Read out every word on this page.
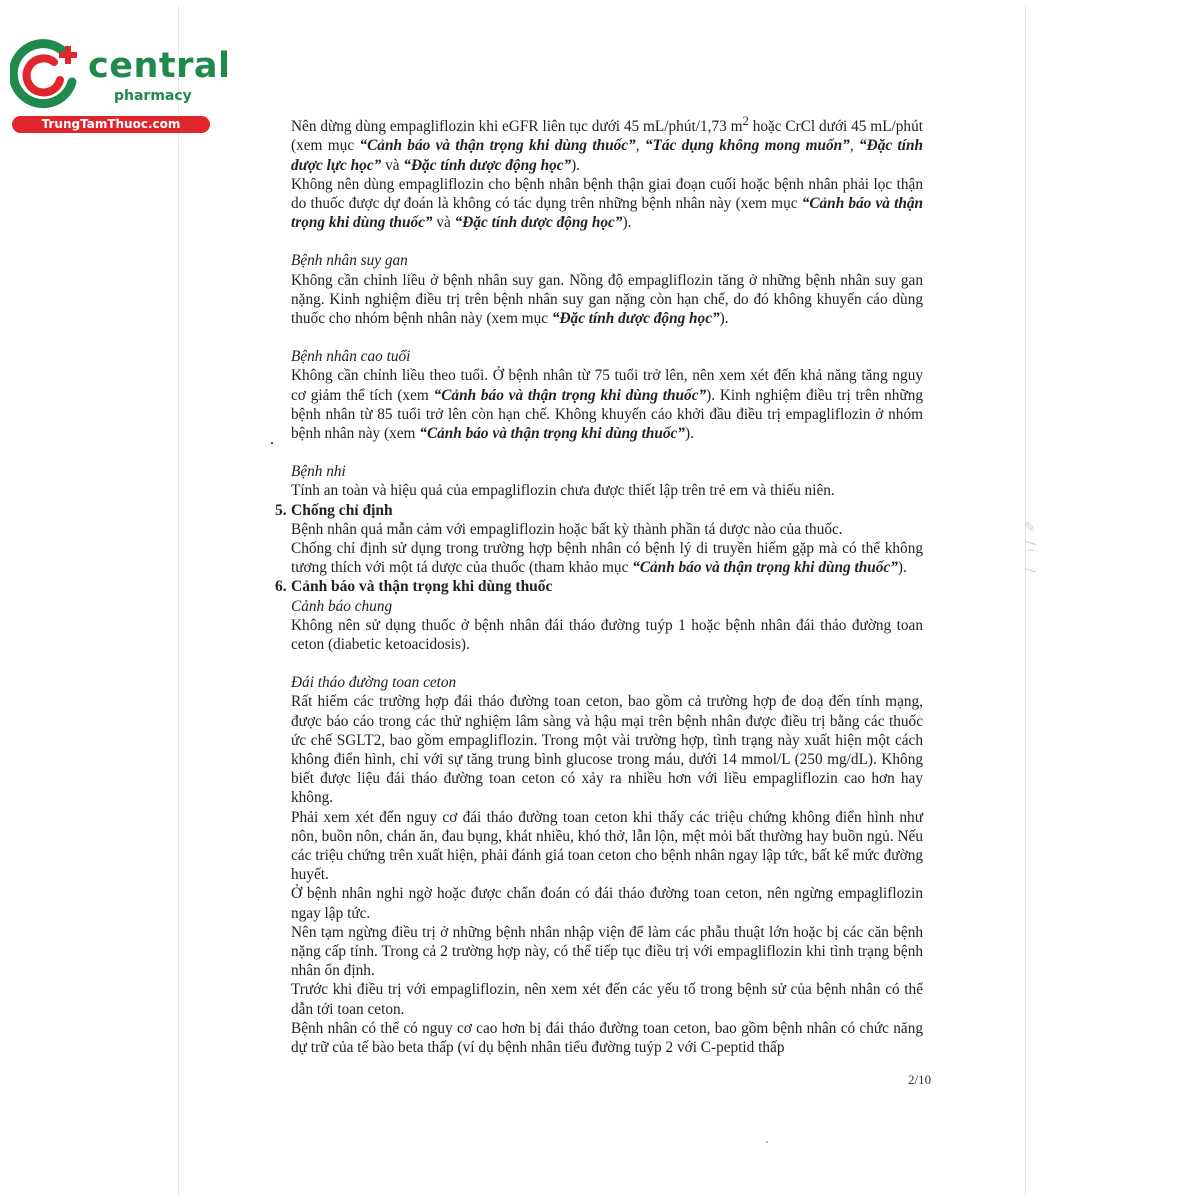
central
pharmacy
TrungTamThuoc.com
✎ ∕ ⌒ ∕

Nên dừng dùng empagliflozin khi eGFR liên tục dưới 45 mL/phút/1,73 $m^2$ hoặc CrCl dưới 45 mL/phút (xem mục “Cảnh báo và thận trọng khi dùng thuốc”, “Tác dụng không mong muốn”, “Đặc tính dược lực học” và “Đặc tính dược động học”).

Không nên dùng empagliflozin cho bệnh nhân bệnh thận giai đoạn cuối hoặc bệnh nhân phải lọc thận do thuốc được dự đoán là không có tác dụng trên những bệnh nhân này (xem mục “Cảnh báo và thận trọng khi dùng thuốc” và “Đặc tính dược động học”).

Bệnh nhân suy gan

Không cần chỉnh liều ở bệnh nhân suy gan. Nồng độ empagliflozin tăng ở những bệnh nhân suy gan nặng. Kinh nghiệm điều trị trên bệnh nhân suy gan nặng còn hạn chế, do đó không khuyến cáo dùng thuốc cho nhóm bệnh nhân này (xem mục “Đặc tính dược động học”).

Bệnh nhân cao tuổi

Không cần chỉnh liều theo tuổi. Ở bệnh nhân từ 75 tuổi trở lên, nên xem xét đến khả năng tăng nguy cơ giảm thể tích (xem “Cảnh báo và thận trọng khi dùng thuốc”). Kinh nghiệm điều trị trên những bệnh nhân từ 85 tuổi trở lên còn hạn chế. Không khuyến cáo khởi đầu điều trị empagliflozin ở nhóm bệnh nhân này (xem “Cảnh báo và thận trọng khi dùng thuốc”).

Bệnh nhi

Tính an toàn và hiệu quả của empagliflozin chưa được thiết lập trên trẻ em và thiếu niên.

5. Chống chỉ định

Bệnh nhân quá mẫn cảm với empagliflozin hoặc bất kỳ thành phần tá dược nào của thuốc.

Chống chỉ định sử dụng trong trường hợp bệnh nhân có bệnh lý di truyền hiếm gặp mà có thể không tương thích với một tá dược của thuốc (tham khảo mục “Cảnh báo và thận trọng khi dùng thuốc”).

6. Cảnh báo và thận trọng khi dùng thuốc

Cảnh báo chung

Không nên sử dụng thuốc ở bệnh nhân đái tháo đường tuýp 1 hoặc bệnh nhân đái tháo đường toan ceton (diabetic ketoacidosis).

Đái tháo đường toan ceton

Rất hiếm các trường hợp đái tháo đường toan ceton, bao gồm cả trường hợp đe doạ đến tính mạng, được báo cáo trong các thử nghiệm lâm sàng và hậu mại trên bệnh nhân được điều trị bằng các thuốc ức chế SGLT2, bao gồm empagliflozin. Trong một vài trường hợp, tình trạng này xuất hiện một cách không điển hình, chỉ với sự tăng trung bình glucose trong máu, dưới 14 mmol/L (250 mg/dL). Không biết được liệu đái tháo đường toan ceton có xảy ra nhiều hơn với liều empagliflozin cao hơn hay không.

Phải xem xét đến nguy cơ đái tháo đường toan ceton khi thấy các triệu chứng không điển hình như nôn, buồn nôn, chán ăn, đau bụng, khát nhiều, khó thở, lẫn lộn, mệt mỏi bất thường hay buồn ngủ. Nếu các triệu chứng trên xuất hiện, phải đánh giá toan ceton cho bệnh nhân ngay lập tức, bất kể mức đường huyết.

Ở bệnh nhân nghi ngờ hoặc được chẩn đoán có đái tháo đường toan ceton, nên ngừng empagliflozin ngay lập tức.

Nên tạm ngừng điều trị ở những bệnh nhân nhập viện để làm các phẫu thuật lớn hoặc bị các căn bệnh nặng cấp tính. Trong cả 2 trường hợp này, có thể tiếp tục điều trị với empagliflozin khi tình trạng bệnh nhân ổn định.

Trước khi điều trị với empagliflozin, nên xem xét đến các yếu tố trong bệnh sử của bệnh nhân có thể dẫn tới toan ceton.

Bệnh nhân có thể có nguy cơ cao hơn bị đái tháo đường toan ceton, bao gồm bệnh nhân có chức năng dự trữ của tế bào beta thấp (ví dụ bệnh nhân tiểu đường tuýp 2 với C-peptid thấp

2/10
